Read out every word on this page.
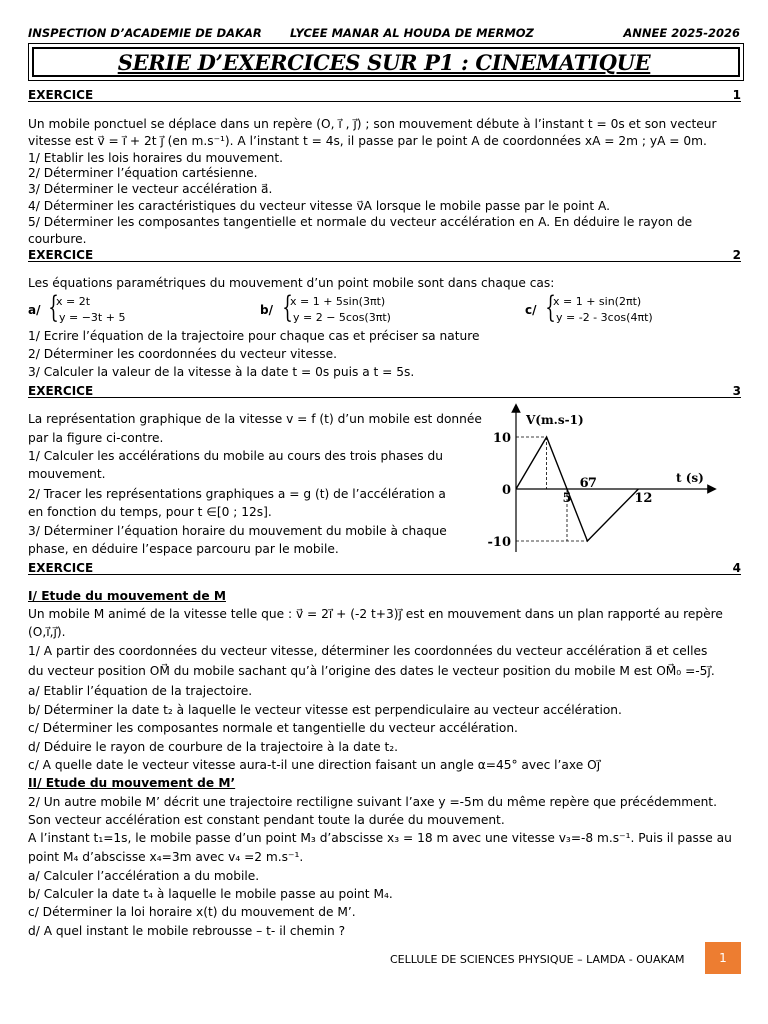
INSPECTION D’ACADEMIE DE DAKAR LYCEE MANAR AL HOUDA DE MERMOZ	ANNEE 2025-2026
SERIE D’EXERCICES SUR P1 : CINEMATIQUE
EXERCICE	1
Un mobile ponctuel se déplace dans un repère (O, i⃗ , j⃗) ; son mouvement débute à l’instant t = 0s et son vecteur
vitesse est v⃗ = i⃗ + 2t j⃗ (en m.s⁻¹). A l’instant t = 4s, il passe par le point A de coordonnées xA = 2m ; yA = 0m.
1/ Etablir les lois horaires du mouvement.
2/ Déterminer l’équation cartésienne.
3/ Déterminer le vecteur accélération a⃗.
4/ Déterminer les caractéristiques du vecteur vitesse v⃗A lorsque le mobile passe par le point A.
5/ Déterminer les composantes tangentielle et normale du vecteur accélération en A. En déduire le rayon de
courbure.
EXERCICE	2
Les équations paramétriques du mouvement d’un point mobile sont dans chaque cas:
a/ {
x = 2t
y = −3t + 5
b/ {
x = 1 + 5sin(3πt)
y = 2 − 5cos(3πt)
c/ {
x = 1 + sin(2πt)
y = -2 - 3cos(4πt)
1/ Ecrire l’équation de la trajectoire pour chaque cas et préciser sa nature
2/ Déterminer les coordonnées du vecteur vitesse.
3/ Calculer la valeur de la vitesse à la date t = 0s puis a t = 5s.
EXERCICE	3
La représentation graphique de la vitesse v = f (t) d’un mobile est donnée
par la figure ci-contre.
1/ Calculer les accélérations du mobile au cours des trois phases du
mouvement.
2/ Tracer les représentations graphiques a = g (t) de l’accélération a
en fonction du temps, pour t ∈[0 ; 12s].
3/ Déterminer l’équation horaire du mouvement du mobile à chaque
phase, en déduire l’espace parcouru par le mobile.
5
6 7
12
10
0
-10
V(m.s-1)
t (s)
EXERCICE	4
I/ Etude du mouvement de M
Un mobile M animé de la vitesse telle que : v⃗ = 2i⃗ + (-2 t+3)j⃗ est en mouvement dans un plan rapporté au repère
(O,i⃗,j⃗).
1/ A partir des coordonnées du vecteur vitesse, déterminer les coordonnées du vecteur accélération a⃗ et celles
du vecteur position OM⃗ du mobile sachant qu’à l’origine des dates le vecteur position du mobile M est OM⃗₀ =-5j⃗.
a/ Etablir l’équation de la trajectoire.
b/ Déterminer la date t₂ à laquelle le vecteur vitesse est perpendiculaire au vecteur accélération.
c/ Déterminer les composantes normale et tangentielle du vecteur accélération.
d/ Déduire le rayon de courbure de la trajectoire à la date t₂.
c/ A quelle date le vecteur vitesse aura-t-il une direction faisant un angle α=45° avec l’axe Oj⃗
II/ Etude du mouvement de M’
2/ Un autre mobile M’ décrit une trajectoire rectiligne suivant l’axe y =-5m du même repère que précédemment.
Son vecteur accélération est constant pendant toute la durée du mouvement.
A l’instant t₁=1s, le mobile passe d’un point M₃ d’abscisse x₃ = 18 m avec une vitesse v₃=-8 m.s⁻¹. Puis il passe au
point M₄ d’abscisse x₄=3m avec v₄ =2 m.s⁻¹.
a/ Calculer l’accélération a du mobile.
b/ Calculer la date t₄ à laquelle le mobile passe au point M₄.
c/ Déterminer la loi horaire x(t) du mouvement de M’.
d/ A quel instant le mobile rebrousse – t- il chemin ?
CELLULE DE SCIENCES PHYSIQUE – LAMDA - OUAKAM	1
